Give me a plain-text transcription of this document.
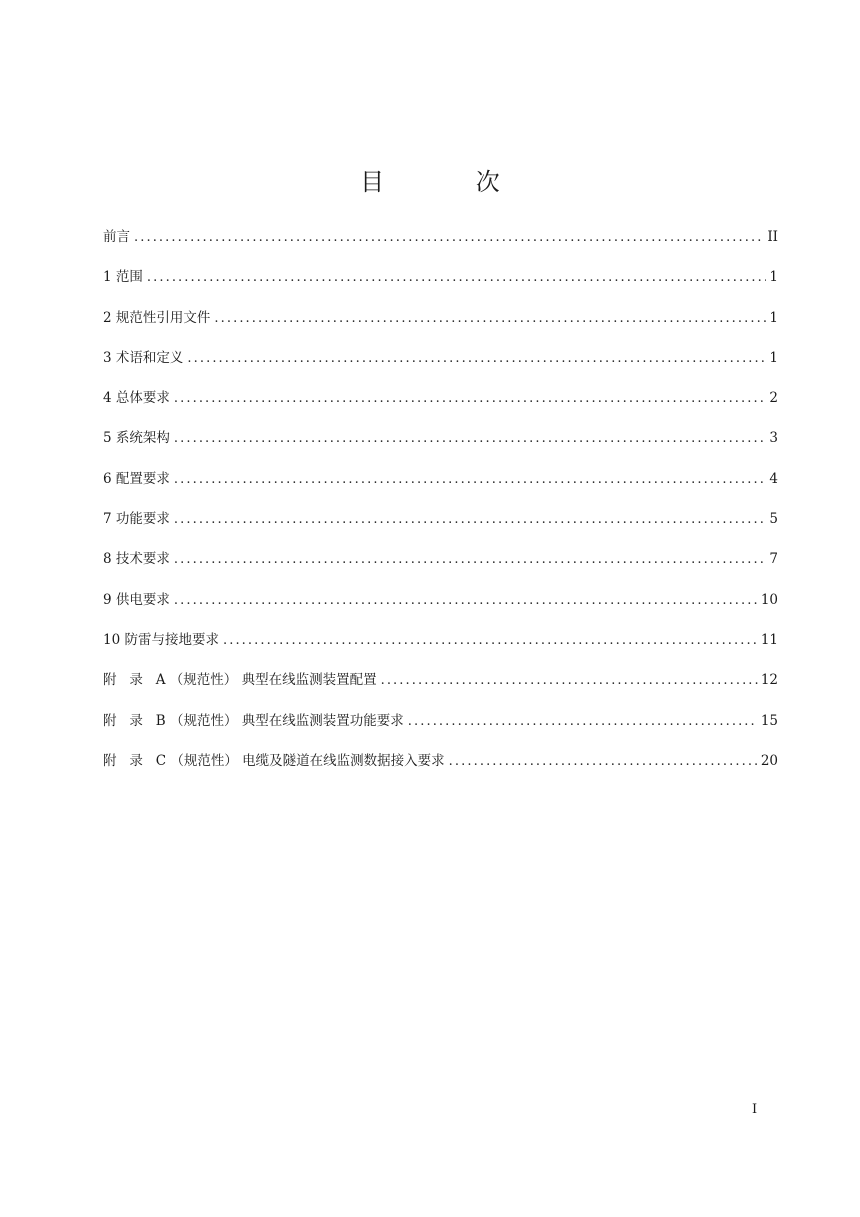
目 次
前言 .....	II
1 范围 .....	1
2 规范性引用文件 .....	1
3 术语和定义 .....	1
4 总体要求 .....	2
5 系统架构 .....	3
6 配置要求 .....	4
7 功能要求 .....	5
8 技术要求 .....	7
9 供电要求 .....	10
10 防雷与接地要求 .....	11
附   录   A （规范性） 典型在线监测装置配置 .....	12
附   录   B （规范性） 典型在线监测装置功能要求 .....	15
附   录   C （规范性） 电缆及隧道在线监测数据接入要求 .....	20
I
